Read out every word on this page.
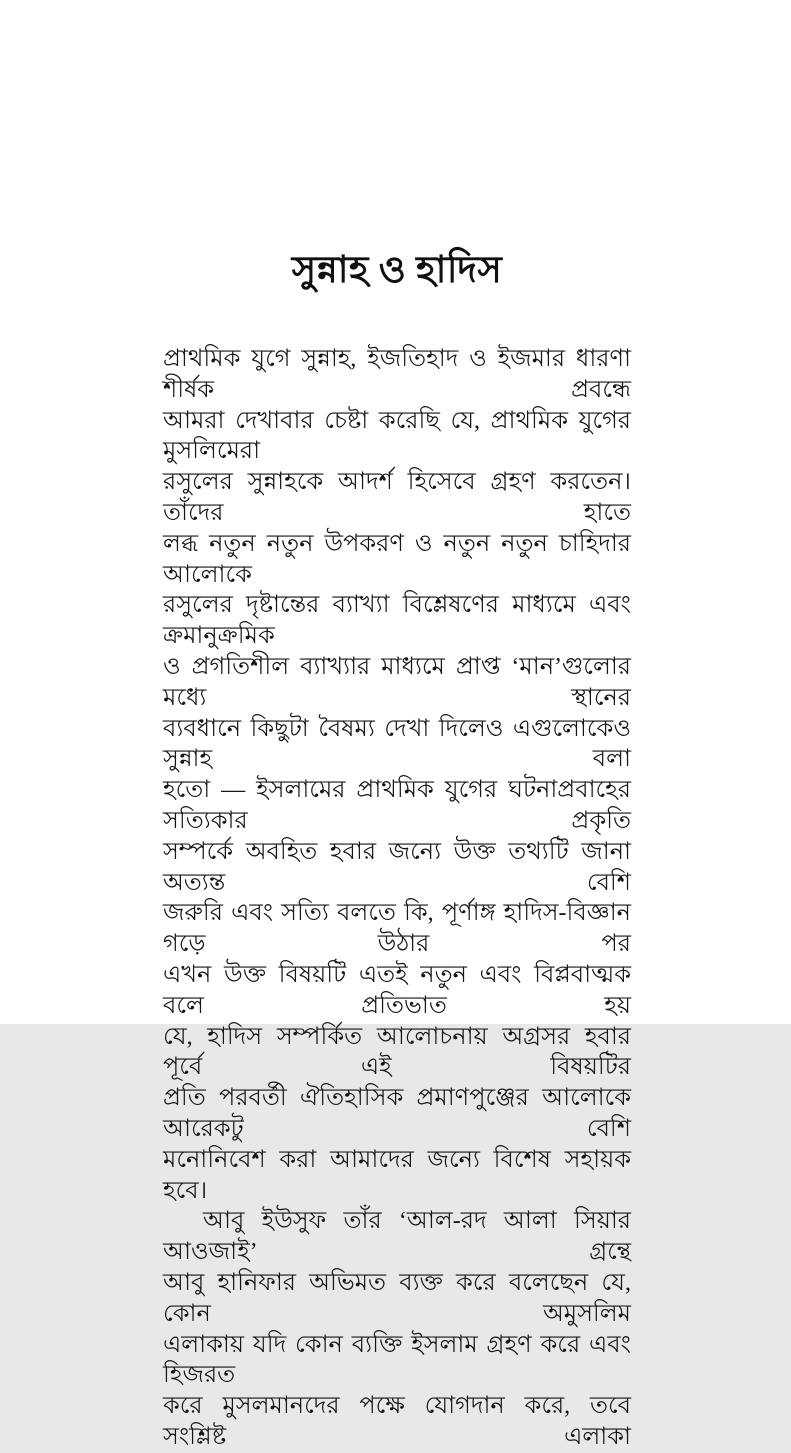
সুন্নাহ ও হাদিস
প্রাথমিক যুগে সুন্নাহ, ইজতিহাদ ও ইজমার ধারণা শীর্ষক প্রবন্ধে
আমরা দেখাবার চেষ্টা করেছি যে, প্রাথমিক যুগের মুসলিমেরা
রসুলের সুন্নাহকে আদর্শ হিসেবে গ্রহণ করতেন। তাঁদের হাতে
লব্ধ নতুন নতুন উপকরণ ও নতুন নতুন চাহিদার আলোকে
রসুলের দৃষ্টান্তের ব্যাখ্যা বিশ্লেষণের মাধ্যমে এবং ক্রমানুক্রমিক
ও প্রগতিশীল ব্যাখ্যার মাধ্যমে প্রাপ্ত ‘মান’গুলোর মধ্যে স্থানের
ব্যবধানে কিছুটা বৈষম্য দেখা দিলেও এগুলোকেও সুন্নাহ বলা
হতো — ইসলামের প্রাথমিক যুগের ঘটনাপ্রবাহের সত্যিকার প্রকৃতি
সম্পর্কে অবহিত হবার জন্যে উক্ত তথ্যটি জানা অত্যন্ত বেশি
জরুরি এবং সত্যি বলতে কি, পূর্ণাঙ্গ হাদিস-বিজ্ঞান গড়ে উঠার পর
এখন উক্ত বিষয়টি এতই নতুন এবং বিপ্লবাত্মক বলে প্রতিভাত হয়
যে, হাদিস সম্পর্কিত আলোচনায় অগ্রসর হবার পূর্বে এই বিষয়টির
প্রতি পরবর্তী ঐতিহাসিক প্রমাণপুঞ্জের আলোকে আরেকটু বেশি
মনোনিবেশ করা আমাদের জন্যে বিশেষ সহায়ক হবে।
আবু ইউসুফ তাঁর ‘আল-রদ আলা সিয়ার আওজাই’ গ্রন্থে
আবু হানিফার অভিমত ব্যক্ত করে বলেছেন যে, কোন অমুসলিম
এলাকায় যদি কোন ব্যক্তি ইসলাম গ্রহণ করে এবং হিজরত
করে মুসলমানদের পক্ষে যোগদান করে, তবে সংশ্লিষ্ট এলাকা
